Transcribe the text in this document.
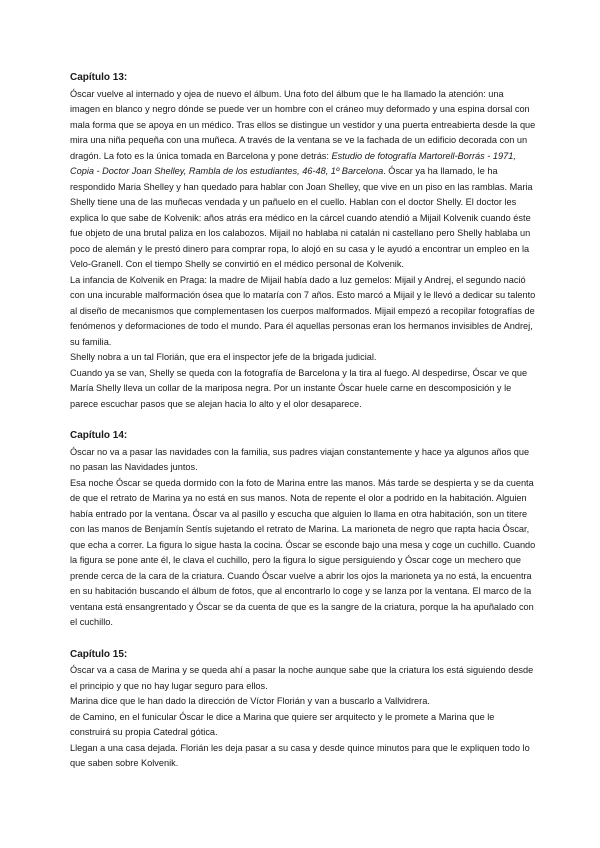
Capítulo 13:

Óscar vuelve al internado y ojea de nuevo el álbum. Una foto del álbum que le ha llamado la atención: una imagen en blanco y negro dónde se puede ver un hombre con el cráneo muy deformado y una espina dorsal con mala forma que se apoya en un médico. Tras ellos se distingue un vestidor y una puerta entreabierta desde la que mira una niña pequeña con una muñeca. A través de la ventana se ve la fachada de un edificio decorada con un dragón. La foto es la única tomada en Barcelona y pone detrás: Estudio de fotografía Martorell-Borrás - 1971, Copia - Doctor Joan Shelley, Rambla de los estudiantes, 46-48, 1º Barcelona. Óscar ya ha llamado, le ha respondido Maria Shelley y han quedado para hablar con Joan Shelley, que vive en un piso en las ramblas. Maria Shelly tiene una de las muñecas vendada y un pañuelo en el cuello. Hablan con el doctor Shelly. El doctor les explica lo que sabe de Kolvenik: años atrás era médico en la cárcel cuando atendió a Mijail Kolvenik cuando éste fue objeto de una brutal paliza en los calabozos. Mijail no hablaba ni catalán ni castellano pero Shelly hablaba un poco de alemán y le prestó dinero para comprar ropa, lo alojó en su casa y le ayudó a encontrar un empleo en la Velo-Granell. Con el tiempo Shelly se convirtió en el médico personal de Kolvenik.

La infancia de Kolvenik en Praga: la madre de Mijail había dado a luz gemelos: Mijail y Andrej, el segundo nació con una incurable malformación ósea que lo mataría con 7 años. Esto marcó a Mijail y le llevó a dedicar su talento al diseño de mecanismos que complementasen los cuerpos malformados. Mijail empezó a recopilar fotografías de fenómenos y deformaciones de todo el mundo. Para él aquellas personas eran los hermanos invisibles de Andrej, su familia.

Shelly nobra a un tal Florián, que era el inspector jefe de la brigada judicial.

Cuando ya se van, Shelly se queda con la fotografía de Barcelona y la tira al fuego. Al despedirse, Óscar ve que María Shelly lleva un collar de la mariposa negra. Por un instante Óscar huele carne en descomposición y le parece escuchar pasos que se alejan hacia lo alto y el olor desaparece.

Capítulo 14:

Óscar no va a pasar las navidades con la familia, sus padres viajan constantemente y hace ya algunos años que no pasan las Navidades juntos.

Esa noche Óscar se queda dormido con la foto de Marina entre las manos. Más tarde se despierta y se da cuenta de que el retrato de Marina ya no está en sus manos. Nota de repente el olor a podrido en la habitación. Alguien había entrado por la ventana. Óscar va al pasillo y escucha que alguien lo llama en otra habitación, son un titere con las manos de Benjamín Sentís sujetando el retrato de Marina. La marioneta de negro que rapta hacia Óscar, que echa a correr. La figura lo sigue hasta la cocina. Óscar se esconde bajo una mesa y coge un cuchillo. Cuando la figura se pone ante él, le clava el cuchillo, pero la figura lo sigue persiguiendo y Óscar coge un mechero que prende cerca de la cara de la criatura. Cuando Óscar vuelve a abrir los ojos la marioneta ya no está, la encuentra en su habitación buscando el álbum de fotos, que al encontrarlo lo coge y se lanza por la ventana. El marco de la ventana está ensangrentado y Óscar se da cuenta de que es la sangre de la criatura, porque la ha apuñalado con el cuchillo.

Capítulo 15:

Óscar va a casa de Marina y se queda ahí a pasar la noche aunque sabe que la criatura los está siguiendo desde el principio y que no hay lugar seguro para ellos.

Marina dice que le han dado la dirección de Víctor Florián y van a buscarlo a Vallvidrera.

de Camino, en el funicular Óscar le dice a Marina que quiere ser arquitecto y le promete a Marina que le construirá su propia Catedral gótica.

Llegan a una casa dejada. Florián les deja pasar a su casa y desde quince minutos para que le expliquen todo lo que saben sobre Kolvenik.
